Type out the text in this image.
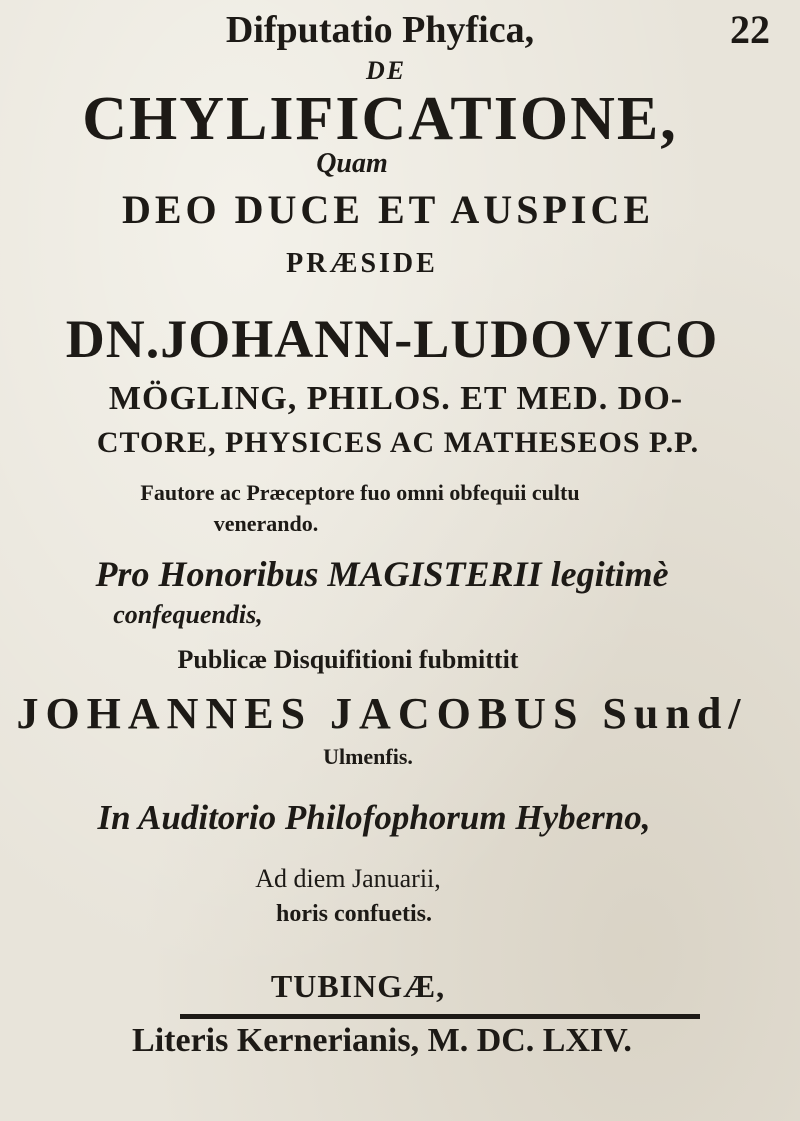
22
Difputatio Phyfica,
DE
CHYLIFICATIONE,
Quam
DEO DUCE ET AUSPICE
PRÆSIDE
DN.JOHANN-LUDOVICO
MÖGLING, PHILOS. ET MED. DO-
CTORE, PHYSICES AC MATHESEOS P.P.
Fautore ac Præceptore fuo omni obfequii cultu
venerando.
Pro Honoribus MAGISTERII legitimè
confequendis,
Publicæ Disquifitioni fubmittit
JOHANNES JACOBUS Sund/
Ulmenfis.
In Auditorio Philofophorum Hyberno,
Ad diem Januarii,
horis confuetis.
TUBINGÆ,
Literis Kernerianis, M. DC. LXIV.
